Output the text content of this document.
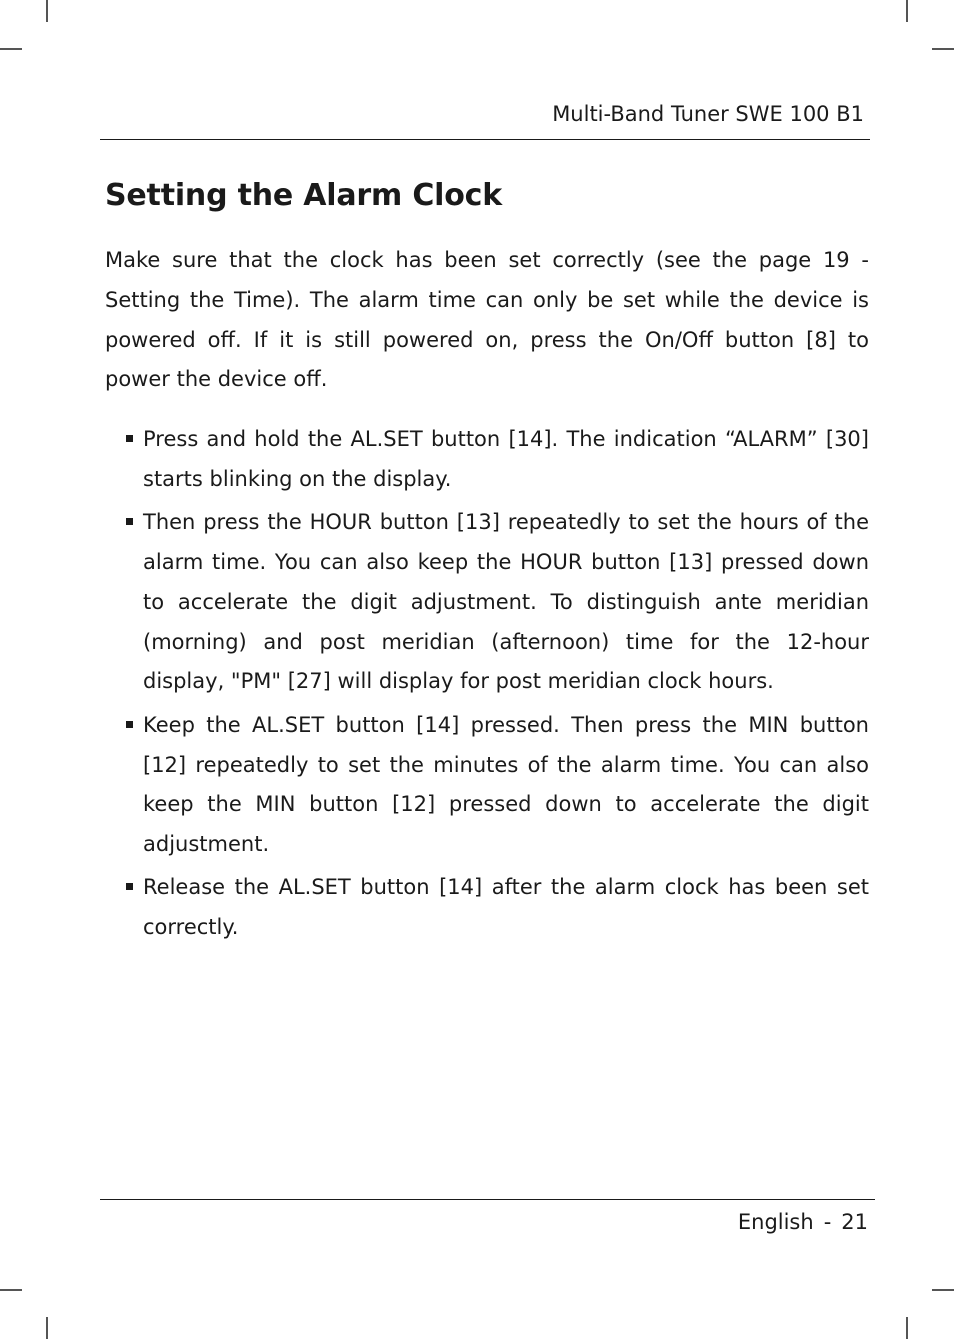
Multi-Band Tuner SWE 100 B1
Setting the Alarm Clock

Make sure that the clock has been set correctly (see the page 19 - Setting the Time). The alarm time can only be set while the device is powered off. If it is still powered on, press the On/Off button [8] to power the device off.

Press and hold the AL.SET button [14]. The indication “ALARM” [30] starts blinking on the display.
Then press the HOUR button [13] repeatedly to set the hours of the alarm time. You can also keep the HOUR button [13] pressed down to accelerate the digit adjustment. To distinguish ante meridian (morning) and post meridian (afternoon) time for the 12-hour display, "PM" [27] will display for post meridian clock hours.
Keep the AL.SET button [14] pressed. Then press the MIN button [12] repeatedly to set the minutes of the alarm time. You can also keep the MIN button [12] pressed down to accelerate the digit adjustment.
Release the AL.SET button [14] after the alarm clock has been set correctly.
English - 21
